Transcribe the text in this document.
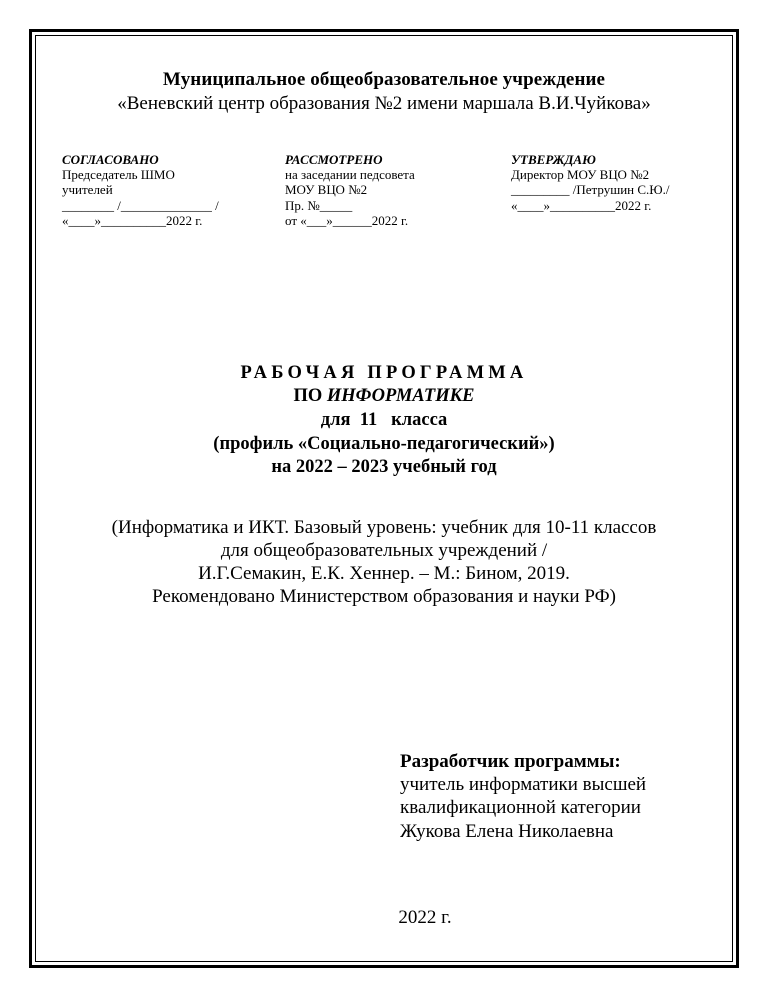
Муниципальное общеобразовательное учреждение
«Веневский центр образования №2 имени маршала В.И.Чуйкова»
СОГЛАСОВАНО
Председатель ШМО
учителей
________ /______________ /
«____»__________2022 г.
РАССМОТРЕНО
на заседании педсовета
МОУ ВЦО №2
Пр. №_____
от «___»______2022 г.
УТВЕРЖДАЮ
Директор МОУ ВЦО №2
_________ /Петрушин С.Ю./
«____»__________2022 г.
РАБОЧАЯ ПРОГРАММА
ПО ИНФОРМАТИКЕ
для  11   класса
(профиль «Социально-педагогический»)
на 2022 – 2023 учебный год
(Информатика и ИКТ. Базовый уровень: учебник для 10-11 классов
для общеобразовательных учреждений /
И.Г.Семакин, Е.К. Хеннер. – М.: Бином, 2019.
Рекомендовано Министерством образования и науки РФ)
Разработчик программы:
учитель информатики высшей
квалификационной категории
Жукова Елена Николаевна
2022 г.
